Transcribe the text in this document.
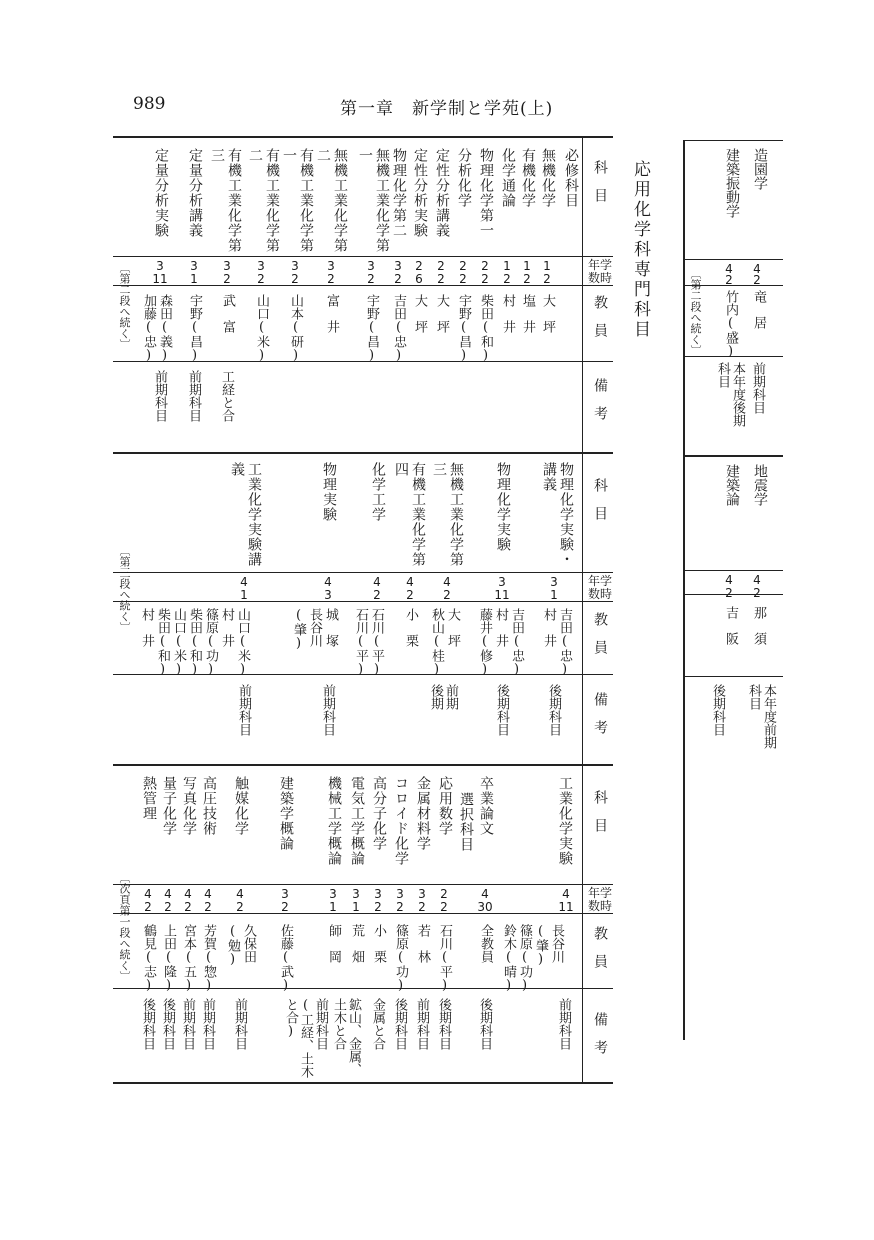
989	第一章　新学制と学苑(上)
応用化学科専門科目	造園学
4
2
竜　居
前期科目
建築振動学
4
2
竹内(盛)
本年度後期
科目
〔第二段へ続く〕
地震学
4
2
那　須
本年度前期
科目
建築論
4
2
吉　阪
後期科目
科　目
年学
数時
教　員
備　考
科　目
年学
数時
教　員
備　考
科　目
年学
数時
教　員
備　考
必修科目
無機化学
1
2
大　坪
有機化学
1
2
塩　井
化学通論
1
2
村　井
物理化学第一
2
2
柴田(和)
分析化学
2
2
宇野(昌)
定性分析講義
2
2
大　坪
定性分析実験
2
6
大　坪
物理化学第二
3
2
吉田(忠)
無機工業化学第
一
3
2
宇野(昌)
無機工業化学第
二
3
2
富　井
有機工業化学第
一
3
2
山本(研)
有機工業化学第
二
3
2
山口(米)
有機工業化学第
三
3
2
武　富
工経と合
定量分析講義
3
1
宇野(昌)
前期科目
定量分析実験
3
11
森田(義)
加藤(忠)
前期科目
〔第二段へ続く〕
物理化学実験・
講義
3
1
吉田(忠)
村　井
後期科目
物理化学実験
3
11
吉田(忠)
村　井
藤井(修)
後期科目
無機工業化学第
三
4
2
大　坪
秋山(桂)
前期
後期
有機工業化学第
四
4
2
小　栗
化学工学
4
2
石川(平)
石川(平)
物理実験
4
3
城　塚
長谷川
(肇)
前期科目
工業化学実験講
義
4
1
山口(米)
村　井
篠原(功)
柴田(和)
山口(米)
柴田(和)
村　井
前期科目
〔第三段へ続く〕
工業化学実験
4
11
長谷川
(肇)
篠原(功)
鈴木(晴)
前期科目
卒業論文
4
30
全教員
後期科目
選択科目
応用数学
2
2
石川(平)
後期科目
金属材料学
3
2
若　林
前期科目
コロイド化学
3
2
篠原(功)
後期科目
高分子化学
3
2
小　栗
金属と合
電気工学概論
3
1
荒　畑
鉱山、金属、
土木と合
機械工学概論
3
1
師　岡
前期科目
(工経、土木
と合)
建築学概論
3
2
佐藤(武)
触媒化学
4
2
久保田
(勉)
前期科目
高圧技術
4
2
芳賀(惣)
前期科目
写真化学
4
2
宮本(五)
前期科目
量子化学
4
2
上田(隆)
後期科目
熱管理
4
2
鶴見(志)
後期科目
〔次頁第一段へ続く〕
